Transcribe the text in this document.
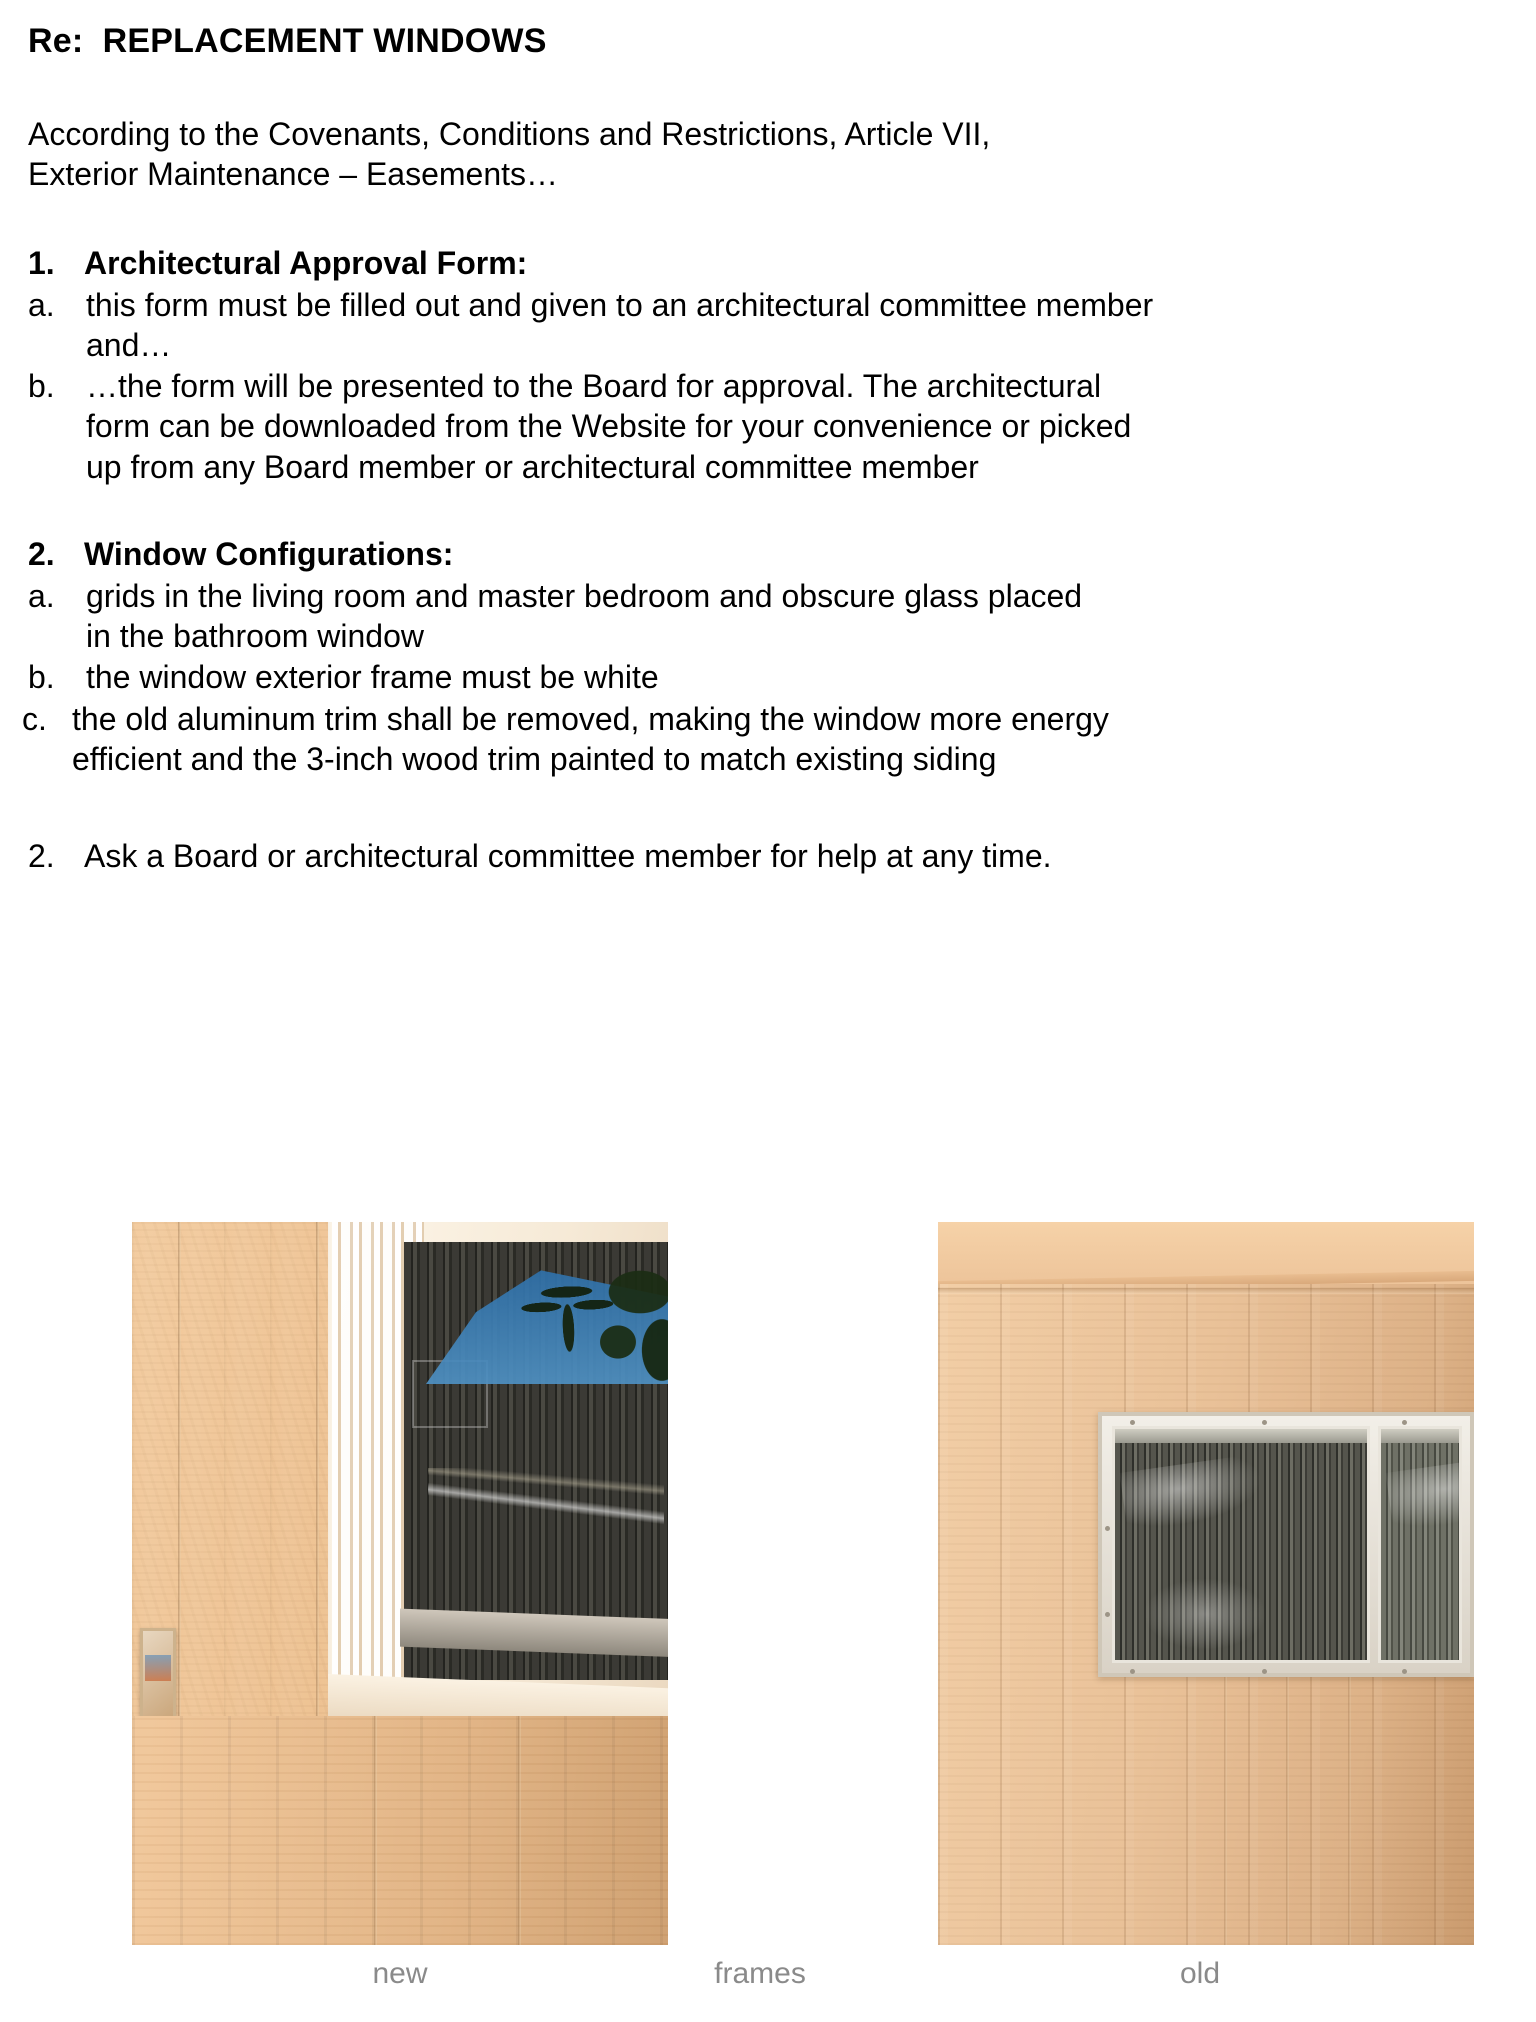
Re:  REPLACEMENT WINDOWS

According to the Covenants, Conditions and Restrictions, Article VII, Exterior Maintenance – Easements…

1. Architectural Approval Form:
a. this form must be filled out and given to an architectural committee member and…
b. …the form will be presented to the Board for approval. The architectural form can be downloaded from the Website for your convenience or picked up from any Board member or architectural committee member
2. Window Configurations:
a. grids in the living room and master bedroom and obscure glass placed in the bathroom window
b. the window exterior frame must be white
c. the old aluminum trim shall be removed, making the window more energy efficient and the 3-inch wood trim painted to match existing siding
2. Ask a Board or architectural committee member for help at any time.
new	frames	old
